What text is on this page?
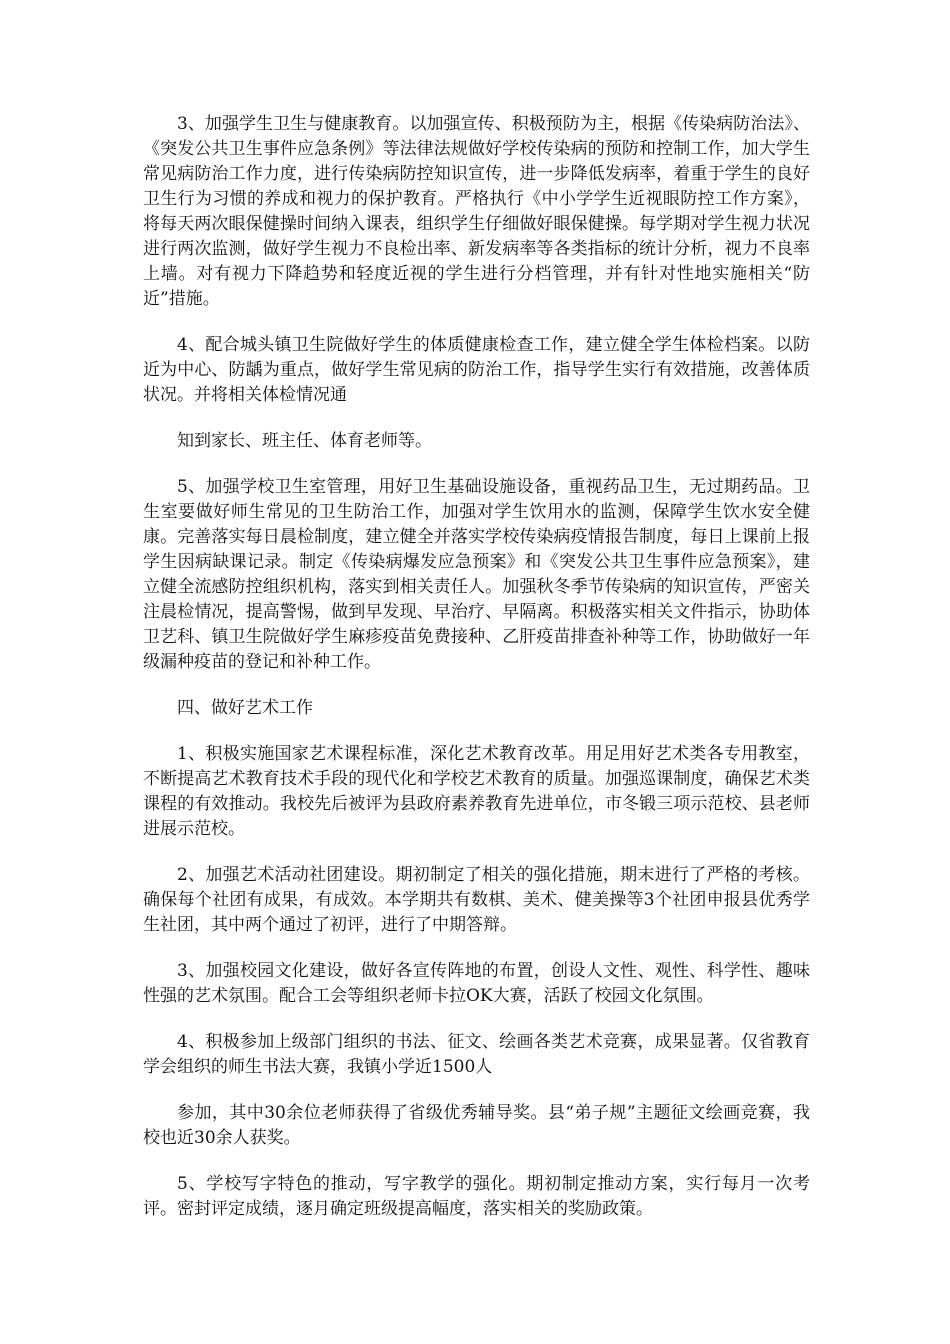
3、加强学生卫生与健康教育。以加强宣传、积极预防为主，根据《传染病防治法》、《突发公共卫生事件应急条例》等法律法规做好学校传染病的预防和控制工作，加大学生常见病防治工作力度，进行传染病防控知识宣传，进一步降低发病率，着重于学生的良好卫生行为习惯的养成和视力的保护教育。严格执行《中小学学生近视眼防控工作方案》，将每天两次眼保健操时间纳入课表，组织学生仔细做好眼保健操。每学期对学生视力状况进行两次监测，做好学生视力不良检出率、新发病率等各类指标的统计分析，视力不良率上墙。对有视力下降趋势和轻度近视的学生进行分档管理，并有针对性地实施相关“防近”措施。

4、配合城头镇卫生院做好学生的体质健康检查工作，建立健全学生体检档案。以防近为中心、防龋为重点，做好学生常见病的防治工作，指导学生实行有效措施，改善体质状况。并将相关体检情况通

知到家长、班主任、体育老师等。

5、加强学校卫生室管理，用好卫生基础设施设备，重视药品卫生，无过期药品。卫生室要做好师生常见的卫生防治工作，加强对学生饮用水的监测，保障学生饮水安全健康。完善落实每日晨检制度，建立健全并落实学校传染病疫情报告制度，每日上课前上报学生因病缺课记录。制定《传染病爆发应急预案》和《突发公共卫生事件应急预案》，建立健全流感防控组织机构，落实到相关责任人。加强秋冬季节传染病的知识宣传，严密关注晨检情况，提高警惕，做到早发现、早治疗、早隔离。积极落实相关文件指示，协助体卫艺科、镇卫生院做好学生麻疹疫苗免费接种、乙肝疫苗排查补种等工作，协助做好一年级漏种疫苗的登记和补种工作。

四、做好艺术工作

1、积极实施国家艺术课程标准，深化艺术教育改革。用足用好艺术类各专用教室，不断提高艺术教育技术手段的现代化和学校艺术教育的质量。加强巡课制度，确保艺术类课程的有效推动。我校先后被评为县政府素养教育先进单位，市冬锻三项示范校、县老师进展示范校。

2、加强艺术活动社团建设。期初制定了相关的强化措施，期末进行了严格的考核。确保每个社团有成果，有成效。本学期共有数棋、美术、健美操等3个社团申报县优秀学生社团，其中两个通过了初评，进行了中期答辩。

3、加强校园文化建设，做好各宣传阵地的布置，创设人文性、观性、科学性、趣味性强的艺术氛围。配合工会等组织老师卡拉OK大赛，活跃了校园文化氛围。

4、积极参加上级部门组织的书法、征文、绘画各类艺术竞赛，成果显著。仅省教育学会组织的师生书法大赛，我镇小学近1500人

参加，其中30余位老师获得了省级优秀辅导奖。县“弟子规”主题征文绘画竞赛，我校也近30余人获奖。

5、学校写字特色的推动，写字教学的强化。期初制定推动方案，实行每月一次考评。密封评定成绩，逐月确定班级提高幅度，落实相关的奖励政策。
